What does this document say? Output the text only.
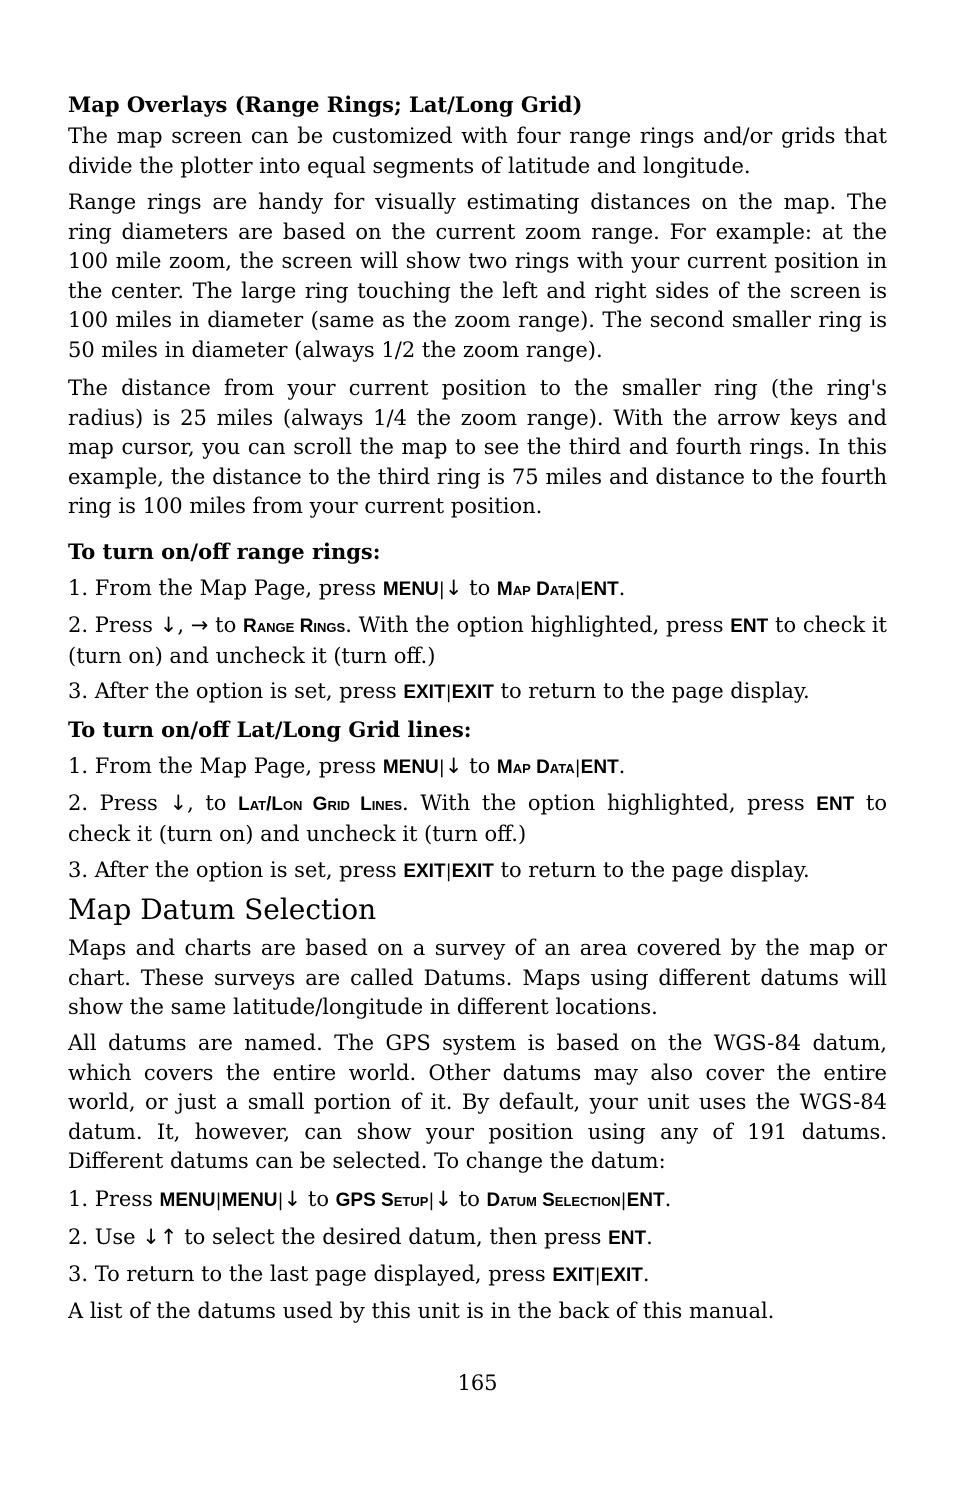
Map Overlays (Range Rings; Lat/Long Grid)
The map screen can be customized with four range rings and/or grids that divide the plotter into equal segments of latitude and longitude.
Range rings are handy for visually estimating distances on the map. The ring diameters are based on the current zoom range. For example: at the 100 mile zoom, the screen will show two rings with your current position in the center. The large ring touching the left and right sides of the screen is 100 miles in diameter (same as the zoom range). The second smaller ring is 50 miles in diameter (always 1/2 the zoom range).
The distance from your current position to the smaller ring (the ring's radius) is 25 miles (always 1/4 the zoom range). With the arrow keys and map cursor, you can scroll the map to see the third and fourth rings. In this example, the distance to the third ring is 75 miles and distance to the fourth ring is 100 miles from your current position.
To turn on/off range rings:
1. From the Map Page, press MENU|↓ to Map Data|ENT.
2. Press ↓, → to Range Rings. With the option highlighted, press ENT to check it (turn on) and uncheck it (turn off.)
3. After the option is set, press EXIT|EXIT to return to the page display.
To turn on/off Lat/Long Grid lines:
1. From the Map Page, press MENU|↓ to Map Data|ENT.
2. Press ↓, to Lat/Lon Grid Lines. With the option highlighted, press ENT to check it (turn on) and uncheck it (turn off.)
3. After the option is set, press EXIT|EXIT to return to the page display.
Map Datum Selection
Maps and charts are based on a survey of an area covered by the map or chart. These surveys are called Datums. Maps using different datums will show the same latitude/longitude in different locations.
All datums are named. The GPS system is based on the WGS-84 datum, which covers the entire world. Other datums may also cover the entire world, or just a small portion of it. By default, your unit uses the WGS-84 datum. It, however, can show your position using any of 191 datums. Different datums can be selected. To change the datum:
1. Press MENU|MENU|↓ to GPS Setup|↓ to Datum Selection|ENT.
2. Use ↓↑ to select the desired datum, then press ENT.
3. To return to the last page displayed, press EXIT|EXIT.
A list of the datums used by this unit is in the back of this manual.
165
